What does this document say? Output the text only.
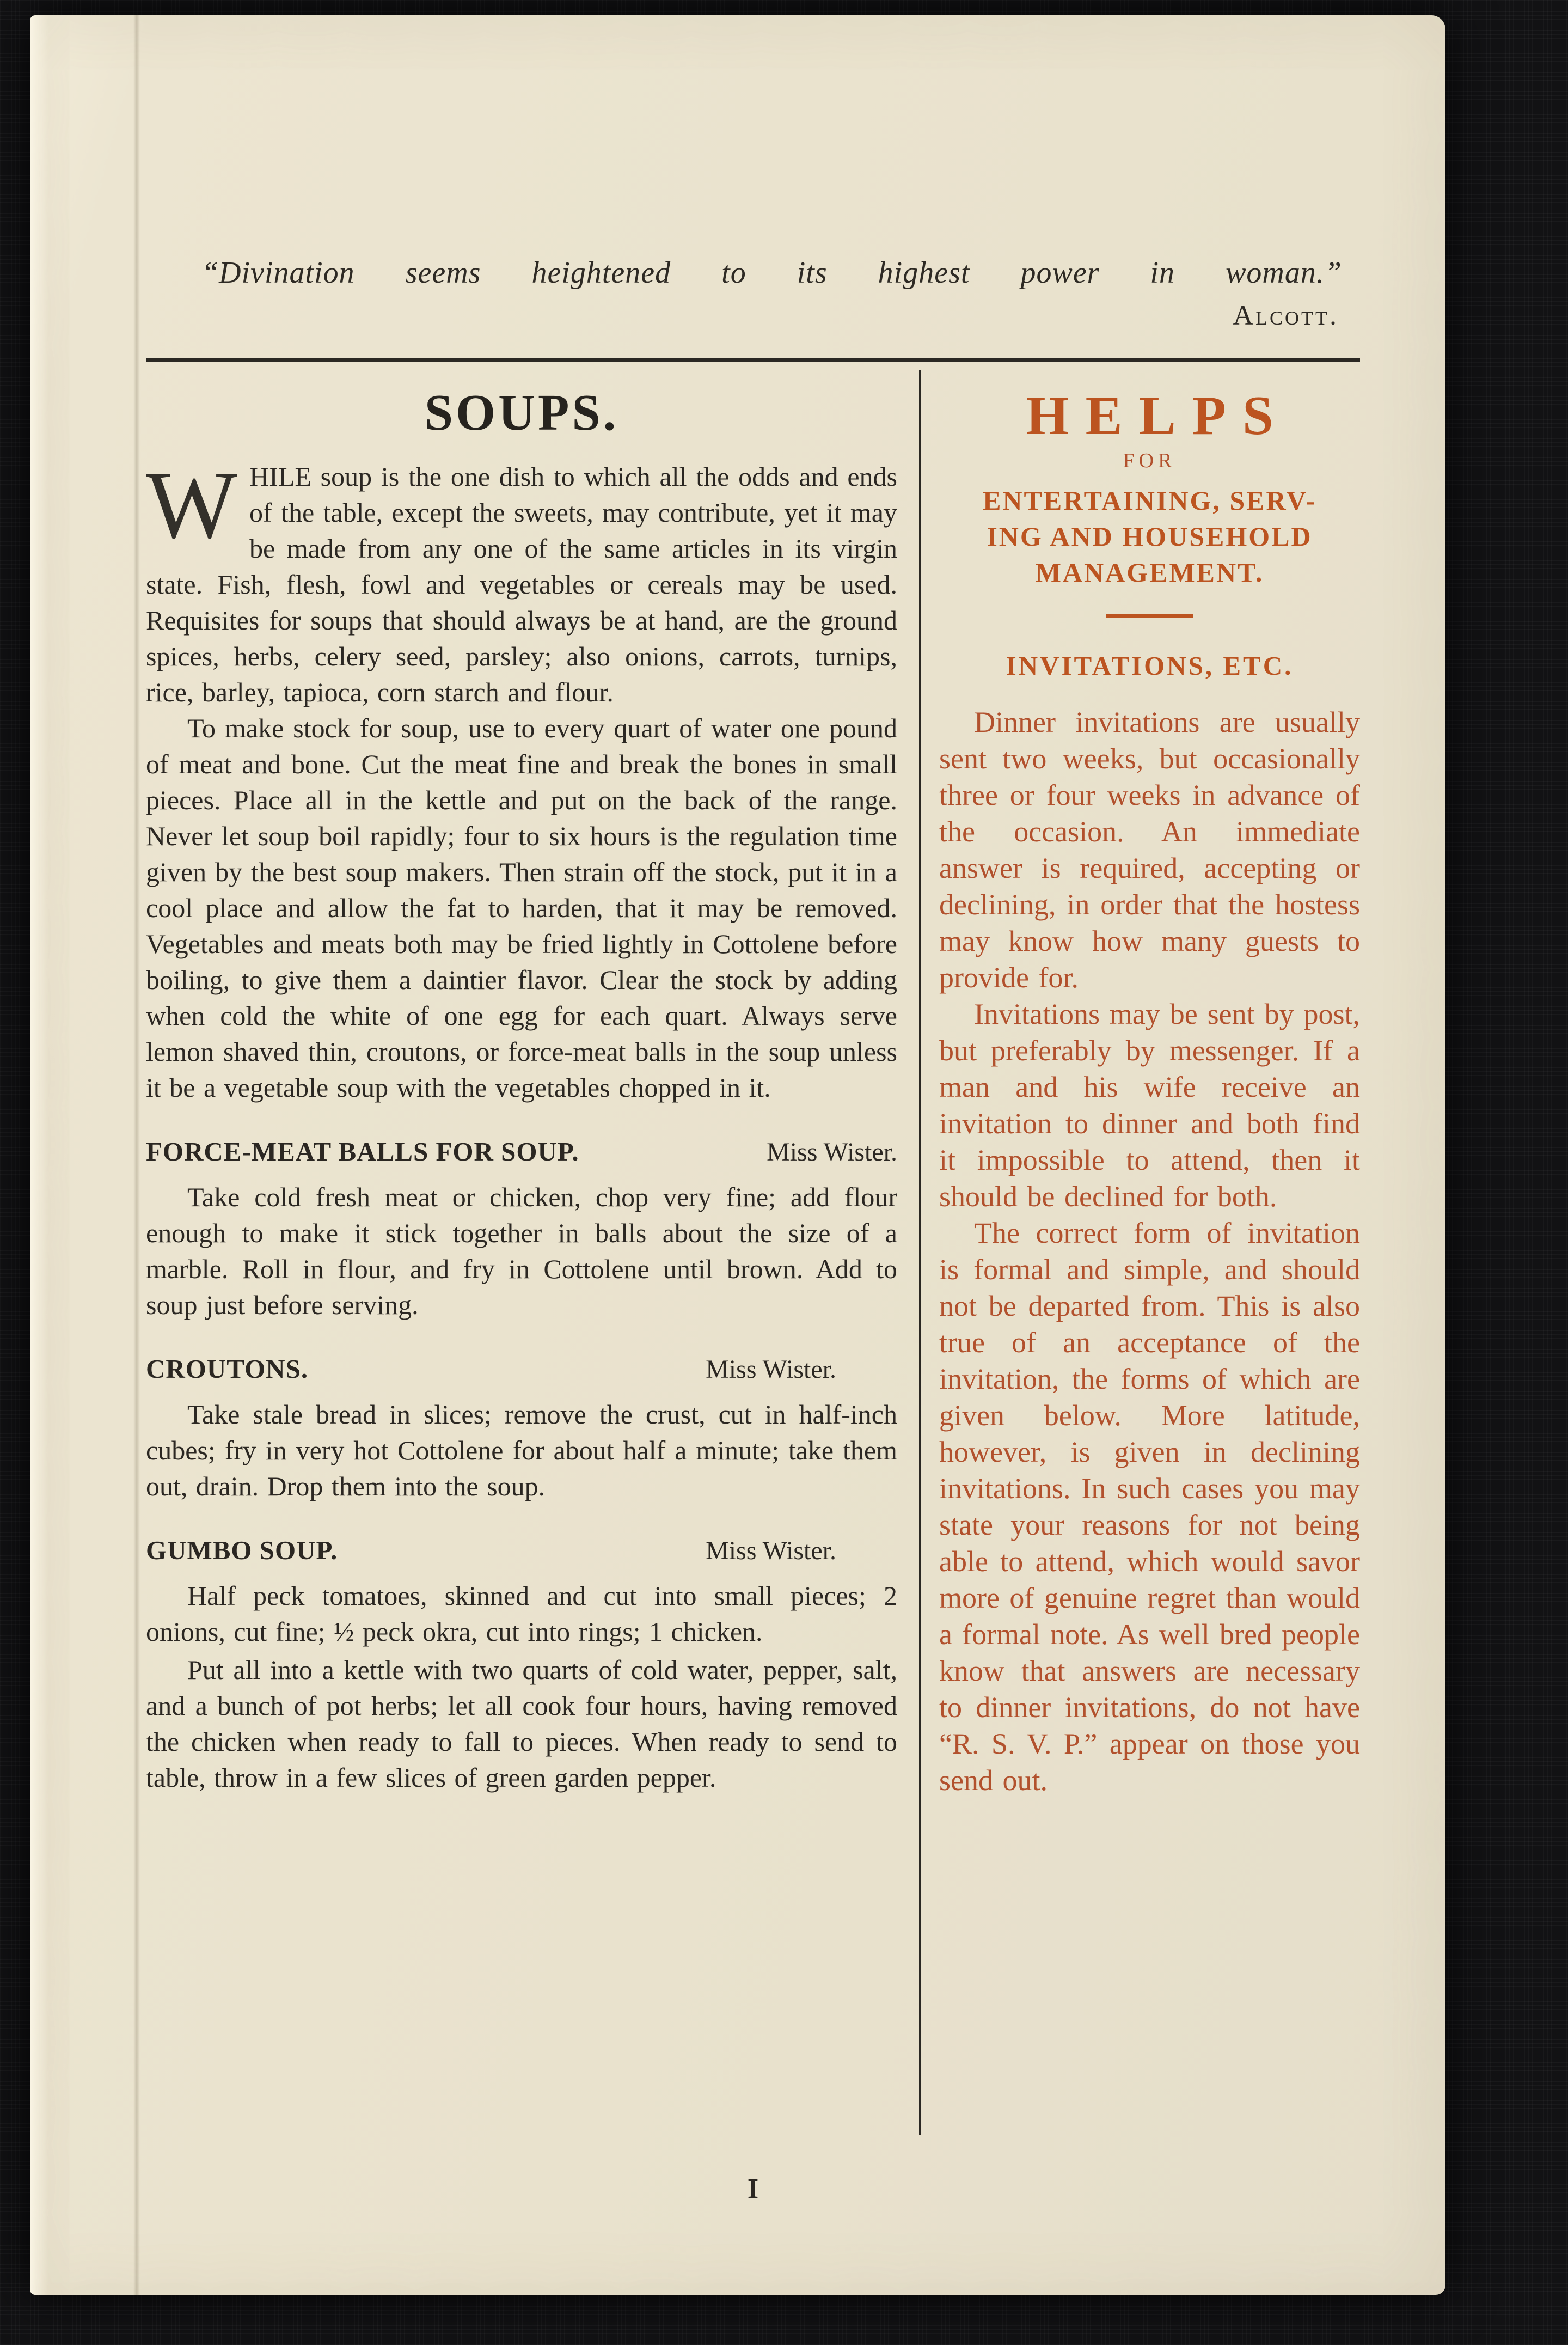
“Divination seems heightened to its highest power in woman.”
Alcott.
SOUPS.

WHILE soup is the one dish to which all the odds and ends of the table, except the sweets, may contribute, yet it may be made from any one of the same articles in its virgin state. Fish, flesh, fowl and vegetables or cereals may be used. Requisites for soups that should always be at hand, are the ground spices, herbs, celery seed, parsley; also onions, carrots, turnips, rice, barley, tapioca, corn starch and flour.

To make stock for soup, use to every quart of water one pound of meat and bone. Cut the meat fine and break the bones in small pieces. Place all in the kettle and put on the back of the range. Never let soup boil rapidly; four to six hours is the regulation time given by the best soup makers. Then strain off the stock, put it in a cool place and allow the fat to harden, that it may be removed. Vegetables and meats both may be fried lightly in Cottolene before boiling, to give them a daintier flavor. Clear the stock by adding when cold the white of one egg for each quart. Always serve lemon shaved thin, croutons, or force-meat balls in the soup unless it be a vegetable soup with the vegetables chopped in it.

FORCE-MEAT BALLS FOR SOUP.	Miss Wister.

Take cold fresh meat or chicken, chop very fine; add flour enough to make it stick together in balls about the size of a marble. Roll in flour, and fry in Cottolene until brown. Add to soup just before serving.

CROUTONS.	Miss Wister.

Take stale bread in slices; remove the crust, cut in half-inch cubes; fry in very hot Cottolene for about half a minute; take them out, drain. Drop them into the soup.

GUMBO SOUP.	Miss Wister.

Half peck tomatoes, skinned and cut into small pieces; 2 onions, cut fine; ½ peck okra, cut into rings; 1 chicken.

Put all into a kettle with two quarts of cold water, pepper, salt, and a bunch of pot herbs; let all cook four hours, having removed the chicken when ready to fall to pieces. When ready to send to table, throw in a few slices of green garden pepper.

HELPS
FOR
ENTERTAINING, SERV-
ING AND HOUSEHOLD
MANAGEMENT.
INVITATIONS, ETC.

Dinner invitations are usually sent two weeks, but occasionally three or four weeks in advance of the occasion. An immediate answer is required, accepting or declining, in order that the hostess may know how many guests to provide for.

Invitations may be sent by post, but preferably by messenger. If a man and his wife receive an invitation to dinner and both find it impossible to attend, then it should be declined for both.

The correct form of invitation is formal and simple, and should not be departed from. This is also true of an acceptance of the invitation, the forms of which are given below. More latitude, however, is given in declining invitations. In such cases you may state your reasons for not being able to attend, which would savor more of genuine regret than would a formal note. As well bred people know that answers are necessary to dinner invitations, do not have “R. S. V. P.” appear on those you send out.

I
